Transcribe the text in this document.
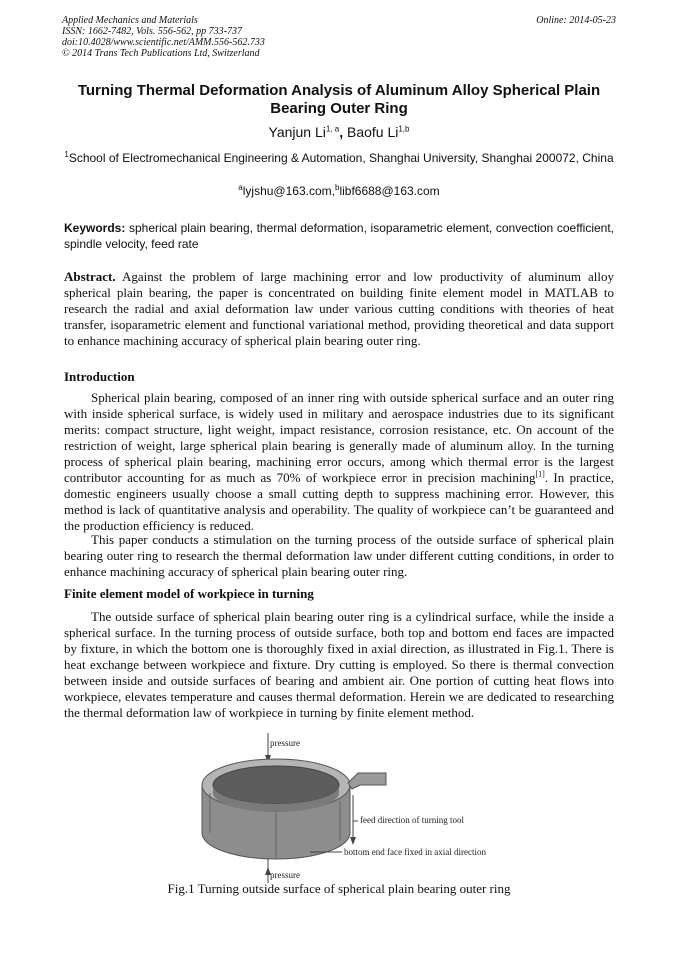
Applied Mechanics and Materials
ISSN: 1662-7482, Vols. 556-562, pp 733-737
doi:10.4028/www.scientific.net/AMM.556-562.733
© 2014 Trans Tech Publications Ltd, Switzerland
Online: 2014-05-23
Turning Thermal Deformation Analysis of Aluminum Alloy Spherical Plain Bearing Outer Ring
Yanjun Li$^{1, a}$, Baofu Li$^{1,b}$
$^1$School of Electromechanical Engineering & Automation, Shanghai University, Shanghai 200072, China
$^a$lyjshu@163.com,$^b$libf6688@163.com
Keywords: spherical plain bearing, thermal deformation, isoparametric element, convection coefficient, spindle velocity, feed rate
Abstract. Against the problem of large machining error and low productivity of aluminum alloy spherical plain bearing, the paper is concentrated on building finite element model in MATLAB to research the radial and axial deformation law under various cutting conditions with theories of heat transfer, isoparametric element and functional variational method, providing theoretical and data support to enhance machining accuracy of spherical plain bearing outer ring.
Introduction
Spherical plain bearing, composed of an inner ring with outside spherical surface and an outer ring with inside spherical surface, is widely used in military and aerospace industries due to its significant merits: compact structure, light weight, impact resistance, corrosion resistance, etc. On account of the restriction of weight, large spherical plain bearing is generally made of aluminum alloy. In the turning process of spherical plain bearing, machining error occurs, among which thermal error is the largest contributor accounting for as much as 70% of workpiece error in precision machining[1]. In practice, domestic engineers usually choose a small cutting depth to suppress machining error. However, this method is lack of quantitative analysis and operability. The quality of workpiece can’t be guaranteed and the production efficiency is reduced.
This paper conducts a stimulation on the turning process of the outside surface of spherical plain bearing outer ring to research the thermal deformation law under different cutting conditions, in order to enhance machining accuracy of spherical plain bearing outer ring.
Finite element model of workpiece in turning
The outside surface of spherical plain bearing outer ring is a cylindrical surface, while the inside a spherical surface. In the turning process of outside surface, both top and bottom end faces are impacted by fixture, in which the bottom one is thoroughly fixed in axial direction, as illustrated in Fig.1. There is heat exchange between workpiece and fixture. Dry cutting is employed. So there is thermal convection between inside and outside surfaces of bearing and ambient air. One portion of cutting heat flows into workpiece, elevates temperature and causes thermal deformation. Herein we are dedicated to researching the thermal deformation law of workpiece in turning by finite element method.
pressure
feed direction of turning tool
bottom end face fixed in axial direction
pressure
Fig.1 Turning outside surface of spherical plain bearing outer ring
